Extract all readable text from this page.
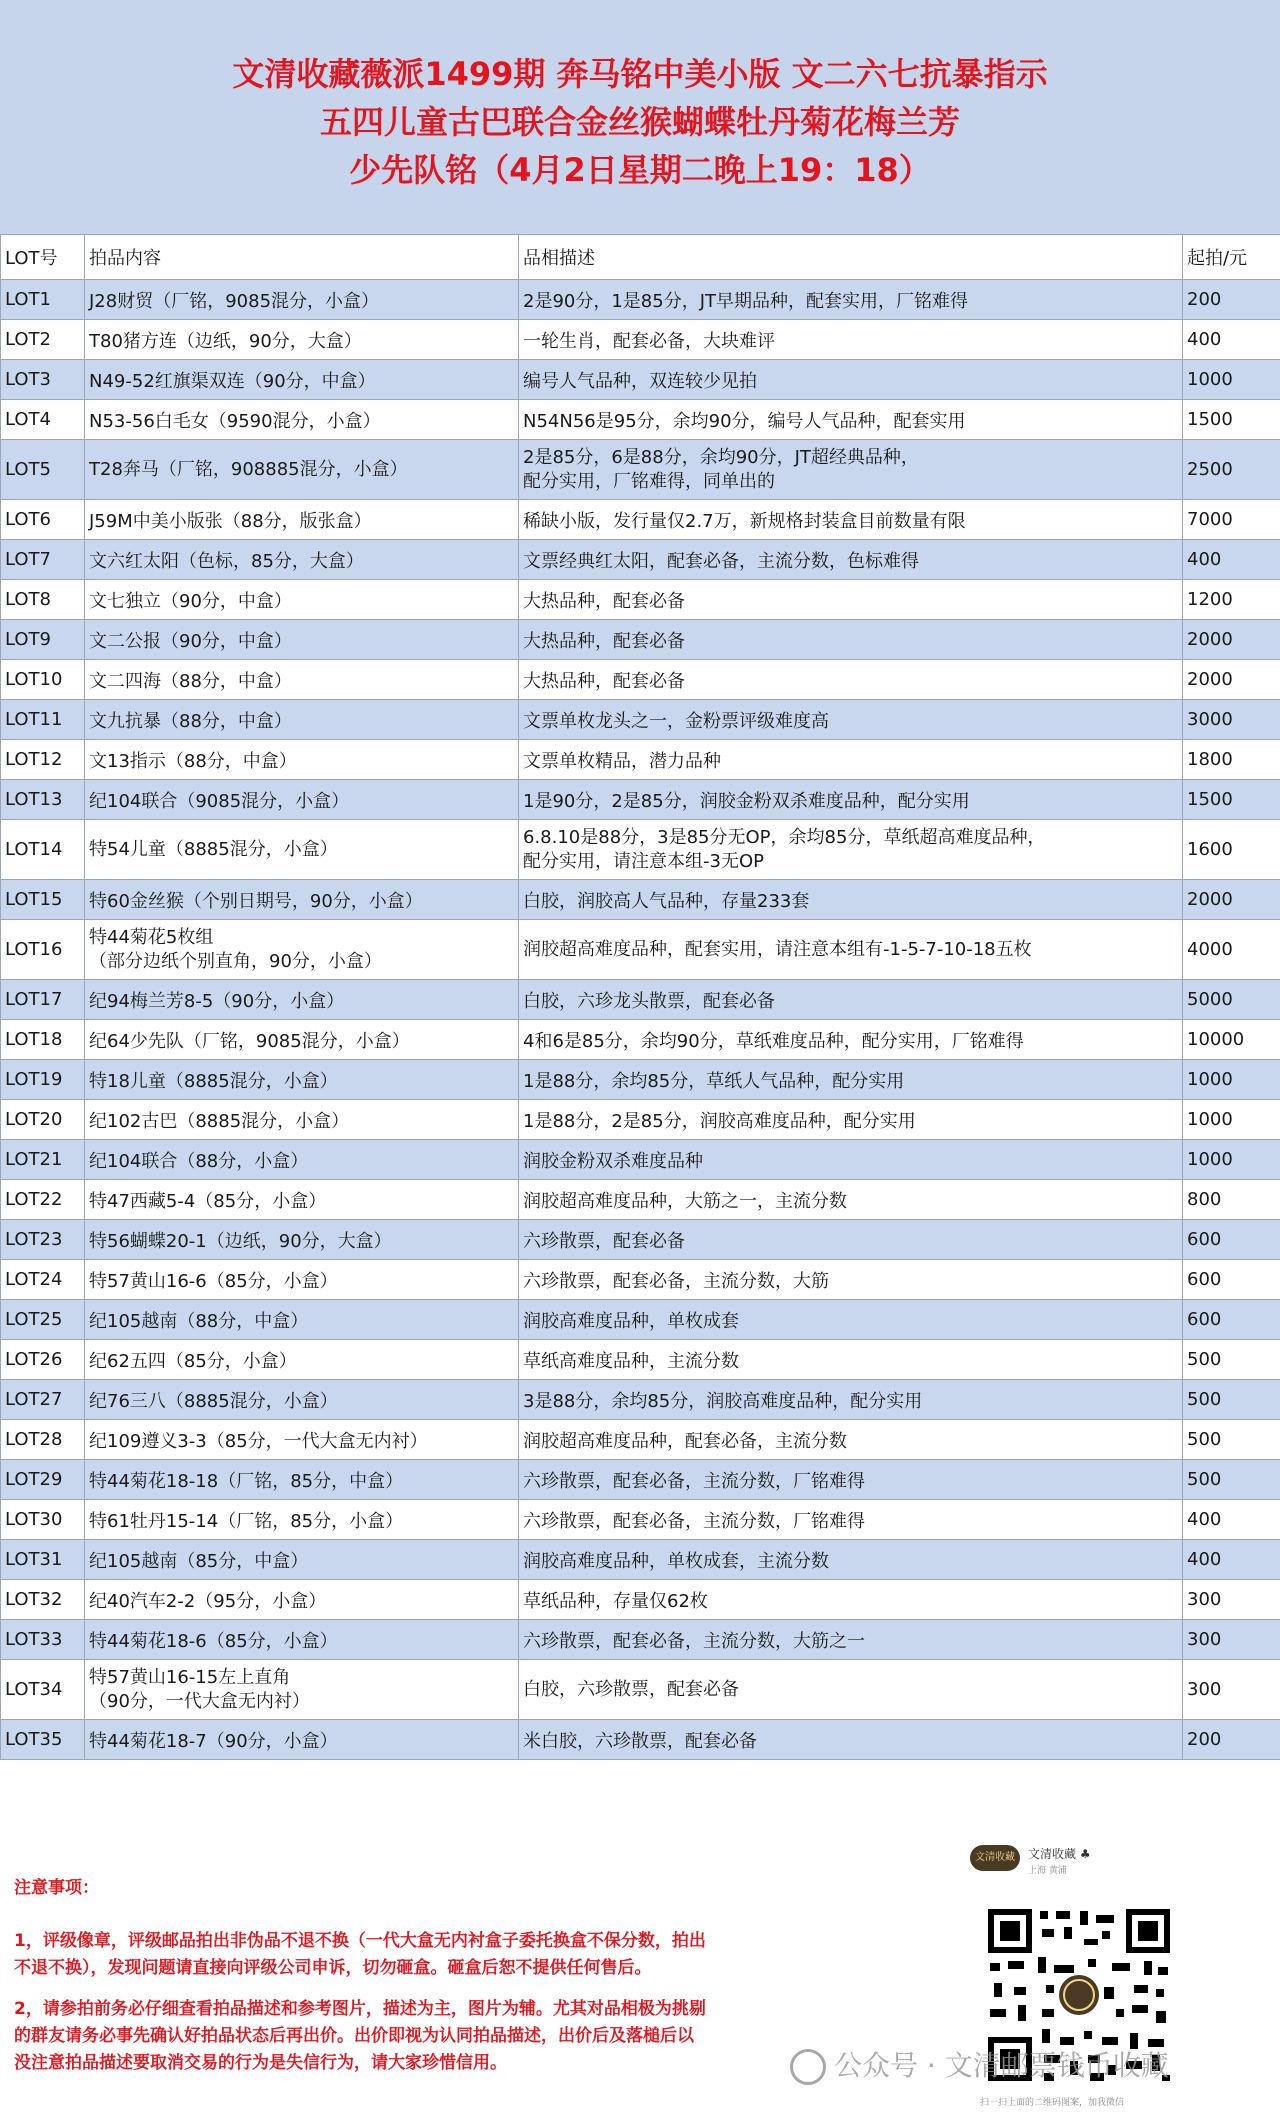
文清收藏薇派1499期 奔马铭中美小版 文二六七抗暴指示
五四儿童古巴联合金丝猴蝴蝶牡丹菊花梅兰芳
少先队铭（4月2日星期二晚上19：18）
LOT号	拍品内容	品相描述	起拍/元

LOT1	J28财贸（厂铭，9085混分，小盒）	2是90分，1是85分，JT早期品种，配套实用，厂铭难得	200

LOT2	T80猪方连（边纸，90分，大盒）	一轮生肖，配套必备，大块难评	400

LOT3	N49-52红旗渠双连（90分，中盒）	编号人气品种，双连较少见拍	1000

LOT4	N53-56白毛女（9590混分，小盒）	N54N56是95分，余均90分，编号人气品种，配套实用	1500

LOT5	T28奔马（厂铭，908885混分，小盒）	2是85分，6是88分，余均90分，JT超经典品种，
配分实用，厂铭难得，同单出的	2500

LOT6	J59M中美小版张（88分，版张盒）	稀缺小版，发行量仅2.7万，新规格封装盒目前数量有限	7000

LOT7	文六红太阳（色标，85分，大盒）	文票经典红太阳，配套必备，主流分数，色标难得	400

LOT8	文七独立（90分，中盒）	大热品种，配套必备	1200

LOT9	文二公报（90分，中盒）	大热品种，配套必备	2000

LOT10	文二四海（88分，中盒）	大热品种，配套必备	2000

LOT11	文九抗暴（88分，中盒）	文票单枚龙头之一，金粉票评级难度高	3000

LOT12	文13指示（88分，中盒）	文票单枚精品，潜力品种	1800

LOT13	纪104联合（9085混分，小盒）	1是90分，2是85分，润胶金粉双杀难度品种，配分实用	1500

LOT14	特54儿童（8885混分，小盒）	6.8.10是88分，3是85分无OP，余均85分，草纸超高难度品种，
配分实用，请注意本组-3无OP	1600

LOT15	特60金丝猴（个别日期号，90分，小盒）	白胶，润胶高人气品种，存量233套	2000

LOT16	特44菊花5枚组
（部分边纸个别直角，90分，小盒）	润胶超高难度品种，配套实用，请注意本组有-1-5-7-10-18五枚	4000

LOT17	纪94梅兰芳8-5（90分，小盒）	白胶，六珍龙头散票，配套必备	5000

LOT18	纪64少先队（厂铭，9085混分，小盒）	4和6是85分，余均90分，草纸难度品种，配分实用，厂铭难得	10000

LOT19	特18儿童（8885混分，小盒）	1是88分，余均85分，草纸人气品种，配分实用	1000

LOT20	纪102古巴（8885混分，小盒）	1是88分，2是85分，润胶高难度品种，配分实用	1000

LOT21	纪104联合（88分，小盒）	润胶金粉双杀难度品种	1000

LOT22	特47西藏5-4（85分，小盒）	润胶超高难度品种，大筋之一，主流分数	800

LOT23	特56蝴蝶20-1（边纸，90分，大盒）	六珍散票，配套必备	600

LOT24	特57黄山16-6（85分，小盒）	六珍散票，配套必备，主流分数，大筋	600

LOT25	纪105越南（88分，中盒）	润胶高难度品种，单枚成套	600

LOT26	纪62五四（85分，小盒）	草纸高难度品种，主流分数	500

LOT27	纪76三八（8885混分，小盒）	3是88分，余均85分，润胶高难度品种，配分实用	500

LOT28	纪109遵义3-3（85分，一代大盒无内衬）	润胶超高难度品种，配套必备，主流分数	500

LOT29	特44菊花18-18（厂铭，85分，中盒）	六珍散票，配套必备，主流分数，厂铭难得	500

LOT30	特61牡丹15-14（厂铭，85分，小盒）	六珍散票，配套必备，主流分数，厂铭难得	400

LOT31	纪105越南（85分，中盒）	润胶高难度品种，单枚成套，主流分数	400

LOT32	纪40汽车2-2（95分，小盒）	草纸品种，存量仅62枚	300

LOT33	特44菊花18-6（85分，小盒）	六珍散票，配套必备，主流分数，大筋之一	300

LOT34	特57黄山16-15左上直角
（90分，一代大盒无内衬）	白胶，六珍散票，配套必备	300

LOT35	特44菊花18-7（90分，小盒）	米白胶，六珍散票，配套必备	200

注意事项：

1，评级像章，评级邮品拍出非伪品不退不换（一代大盒无内衬盒子委托换盒不保分数，拍出
不退不换），发现问题请直接向评级公司申诉，切勿砸盒。砸盒后恕不提供任何售后。

2，请参拍前务必仔细查看拍品描述和参考图片，描述为主，图片为辅。尤其对品相极为挑剔
的群友请务必事先确认好拍品状态后再出价。出价即视为认同拍品描述，出价后及落槌后以
没注意拍品描述要取消交易的行为是失信行为，请大家珍惜信用。

文清收藏	文清收藏 ♣
上海 黄浦
扫一扫上面的二维码图案，加我微信
公众号 · 文清邮票钱币收藏
